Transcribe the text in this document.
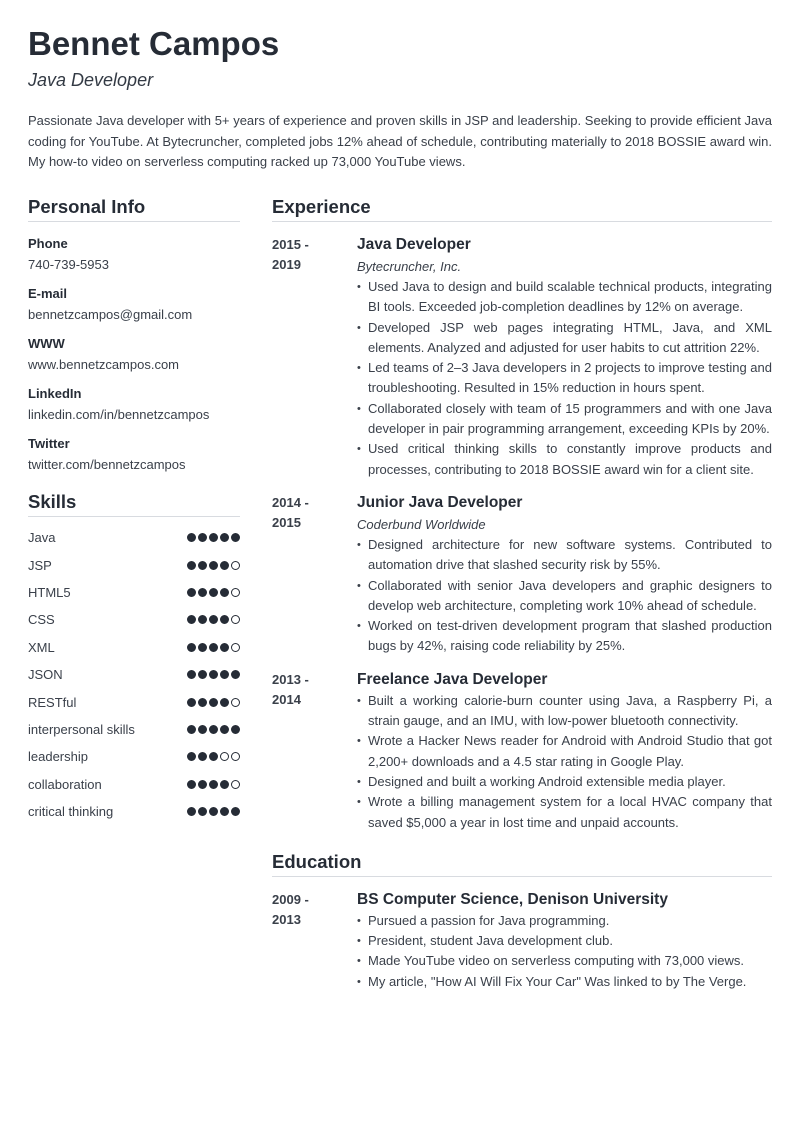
Bennet Campos
Java Developer
Passionate Java developer with 5+ years of experience and proven skills in JSP and leadership. Seeking to provide efficient Java coding for YouTube. At Bytecruncher, completed jobs 12% ahead of schedule, contributing materially to 2018 BOSSIE award win. My how-to video on serverless computing racked up 73,000 YouTube views.
Personal Info
Phone
740-739-5953
E-mail
bennetzcampos@gmail.com
WWW
www.bennetzcampos.com
LinkedIn
linkedin.com/in/bennetzcampos
Twitter
twitter.com/bennetzcampos
Skills
Java
JSP
HTML5
CSS
XML
JSON
RESTful
interpersonal skills
leadership
collaboration
critical thinking
Experience
2015 -
2019
Java Developer
Bytecruncher, Inc.
• Used Java to design and build scalable technical products, integrating BI tools. Exceeded job-completion deadlines by 12% on average.
• Developed JSP web pages integrating HTML, Java, and XML elements. Analyzed and adjusted for user habits to cut attrition 22%.
• Led teams of 2–3 Java developers in 2 projects to improve testing and troubleshooting. Resulted in 15% reduction in hours spent.
• Collaborated closely with team of 15 programmers and with one Java developer in pair programming arrangement, exceeding KPIs by 20%.
• Used critical thinking skills to constantly improve products and processes, contributing to 2018 BOSSIE award win for a client site.
2014 -
2015
Junior Java Developer
Coderbund Worldwide
• Designed architecture for new software systems. Contributed to automation drive that slashed security risk by 55%.
• Collaborated with senior Java developers and graphic designers to develop web architecture, completing work 10% ahead of schedule.
• Worked on test-driven development program that slashed production bugs by 42%, raising code reliability by 25%.
2013 -
2014
Freelance Java Developer
• Built a working calorie-burn counter using Java, a Raspberry Pi, a strain gauge, and an IMU, with low-power bluetooth connectivity.
• Wrote a Hacker News reader for Android with Android Studio that got 2,200+ downloads and a 4.5 star rating in Google Play.
• Designed and built a working Android extensible media player.
• Wrote a billing management system for a local HVAC company that saved $5,000 a year in lost time and unpaid accounts.
Education
2009 -
2013
BS Computer Science, Denison University
• Pursued a passion for Java programming.
• President, student Java development club.
• Made YouTube video on serverless computing with 73,000 views.
• My article, "How AI Will Fix Your Car" Was linked to by The Verge.
